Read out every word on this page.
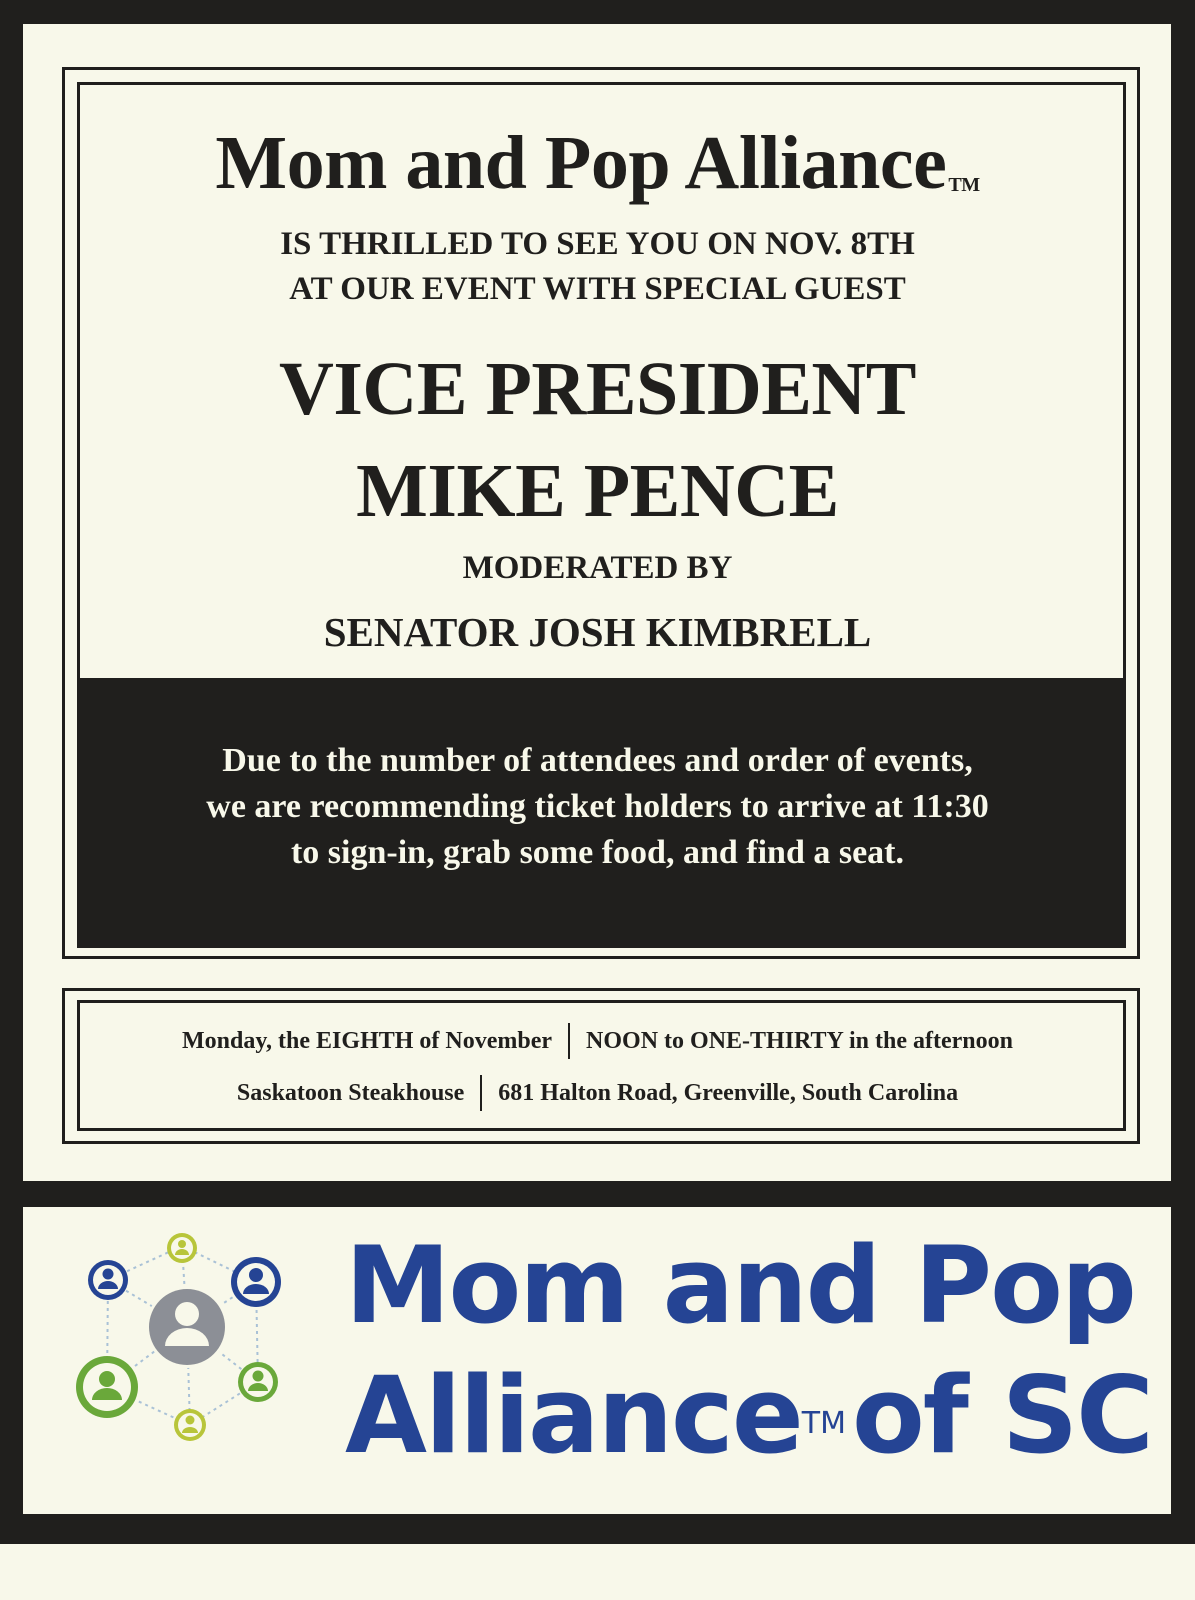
Mom and Pop Alliance ™

IS THRILLED TO SEE YOU ON NOV. 8TH

AT OUR EVENT WITH SPECIAL GUEST

VICE PRESIDENT

MIKE PENCE

MODERATED BY

SENATOR JOSH KIMBRELL

Due to the number of attendees and order of events,

we are recommending ticket holders to arrive at 11:30

to sign-in, grab some food, and find a seat.

Monday, the EIGHTH of November NOON to ONE-THIRTY in the afternoon
Saskatoon Steakhouse 681 Halton Road, Greenville, South Carolina

Mom and Pop

Alliance™of SC
